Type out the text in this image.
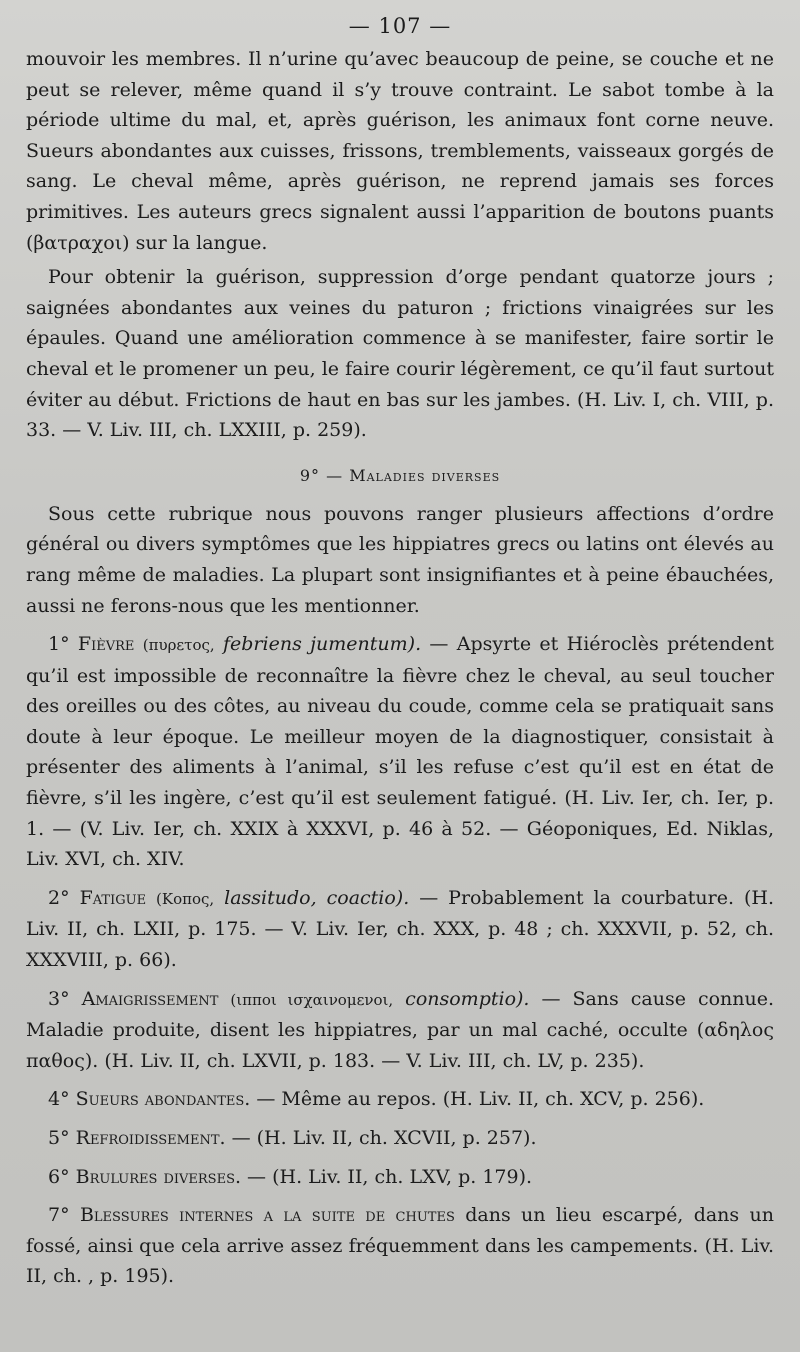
— 107 —

mouvoir les membres. Il n’urine qu’avec beaucoup de peine, se couche et ne peut se relever, même quand il s’y trouve contraint. Le sabot tombe à la période ultime du mal, et, après guérison, les animaux font corne neuve. Sueurs abondantes aux cuisses, frissons, tremblements, vaisseaux gorgés de sang. Le cheval même, après guérison, ne reprend jamais ses forces primitives. Les auteurs grecs signalent aussi l’apparition de boutons puants (βατραχοι) sur la langue.

Pour obtenir la guérison, suppression d’orge pendant quatorze jours ; saignées abondantes aux veines du paturon ; frictions vinaigrées sur les épaules. Quand une amélioration commence à se manifester, faire sortir le cheval et le promener un peu, le faire courir légèrement, ce qu’il faut surtout éviter au début. Frictions de haut en bas sur les jambes. (H. Liv. I, ch. VIII, p. 33. — V. Liv. III, ch. LXXIII, p. 259).

9° — Maladies diverses

Sous cette rubrique nous pouvons ranger plusieurs affections d’ordre général ou divers symptômes que les hippiatres grecs ou latins ont élevés au rang même de maladies. La plupart sont insignifiantes et à peine ébauchées, aussi ne ferons-nous que les mentionner.

1° Fièvre (πυρετος, febriens jumentum). — Apsyrte et Hiéroclès prétendent qu’il est impossible de reconnaître la fièvre chez le cheval, au seul toucher des oreilles ou des côtes, au niveau du coude, comme cela se pratiquait sans doute à leur époque. Le meilleur moyen de la diagnostiquer, consistait à présenter des aliments à l’animal, s’il les refuse c’est qu’il est en état de fièvre, s’il les ingère, c’est qu’il est seulement fatigué. (H. Liv. Ier, ch. Ier, p. 1. — (V. Liv. Ier, ch. XXIX à XXXVI, p. 46 à 52. — Géoponiques, Ed. Niklas, Liv. XVI, ch. XIV.

2° Fatigue (Κοπος, lassitudo, coactio). — Probablement la courbature. (H. Liv. II, ch. LXII, p. 175. — V. Liv. Ier, ch. XXX, p. 48 ; ch. XXXVII, p. 52, ch. XXXVIII, p. 66).

3° Amaigrissement (ιπποι ισχαινομενοι, consomptio). — Sans cause connue. Maladie produite, disent les hippiatres, par un mal caché, occulte (αδηλος παθος). (H. Liv. II, ch. LXVII, p. 183. — V. Liv. III, ch. LV, p. 235).

4° Sueurs abondantes. — Même au repos. (H. Liv. II, ch. XCV, p. 256).

5° Refroidissement. — (H. Liv. II, ch. XCVII, p. 257).

6° Brulures diverses. — (H. Liv. II, ch. LXV, p. 179).

7° Blessures internes a la suite de chutes dans un lieu escarpé, dans un fossé, ainsi que cela arrive assez fréquemment dans les campements. (H. Liv. II, ch. , p. 195).
